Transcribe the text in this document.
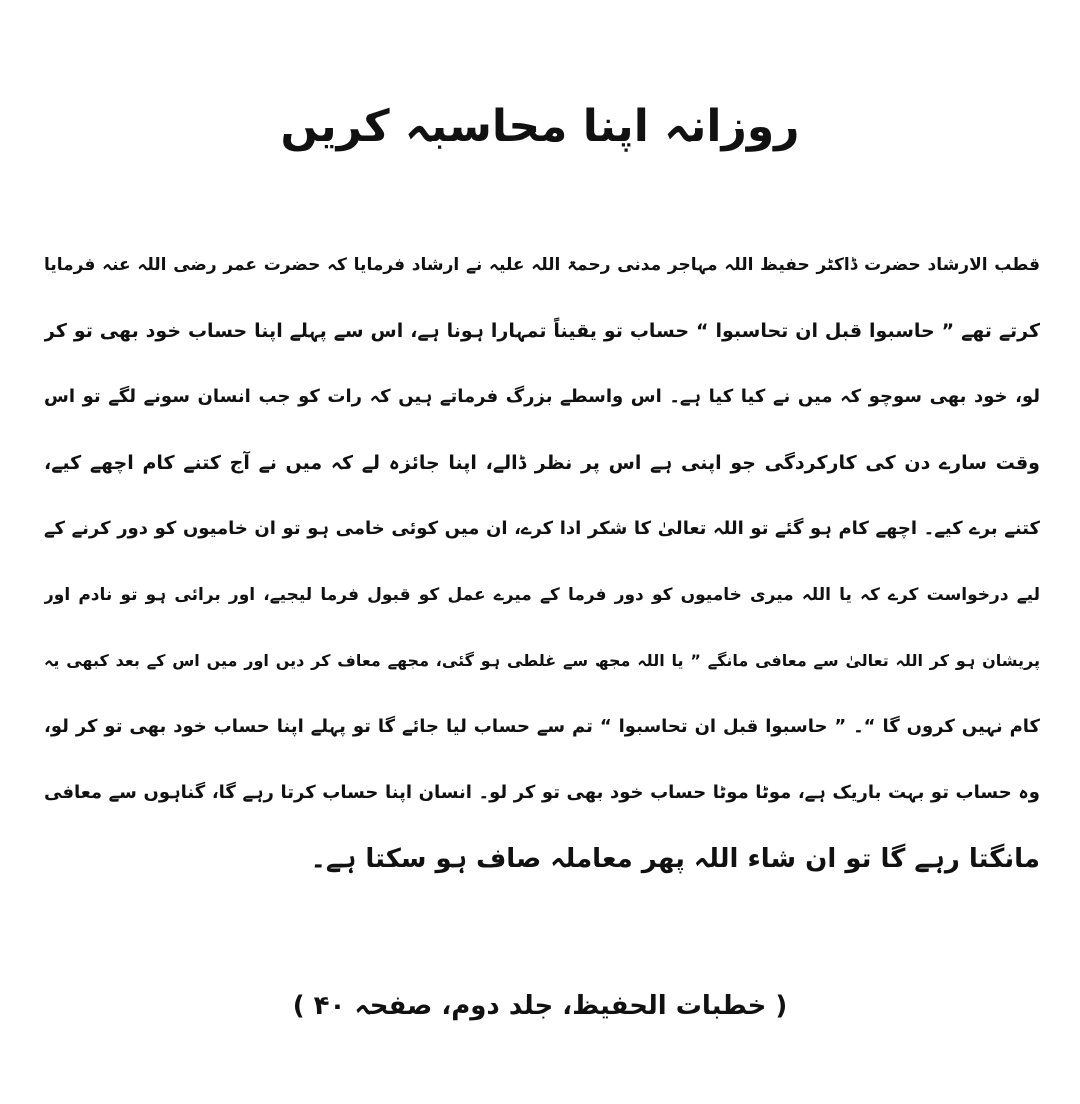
روزانہ اپنا محاسبہ کریں
قطب الارشاد حضرت ڈاکٹر حفیظ اللہ مہاجر مدنی رحمۃ اللہ علیہ نے ارشاد فرمایا کہ حضرت عمر رضی اللہ عنہ فرمایا
کرتے تھے ” حاسبوا قبل ان تحاسبوا “ حساب تو یقیناً تمہارا ہونا ہے، اس سے پہلے اپنا حساب خود بھی تو کر
لو، خود بھی سوچو کہ میں نے کیا کیا ہے۔ اس واسطے بزرگ فرماتے ہیں کہ رات کو جب انسان سونے لگے تو اس
وقت سارے دن کی کارکردگی جو اپنی ہے اس پر نظر ڈالے، اپنا جائزہ لے کہ میں نے آج کتنے کام اچھے کیے،
کتنے برے کیے۔ اچھے کام ہو گئے تو اللہ تعالیٰ کا شکر ادا کرے، ان میں کوئی خامی ہو تو ان خامیوں کو دور کرنے کے
لیے درخواست کرے کہ یا اللہ میری خامیوں کو دور فرما کے میرے عمل کو قبول فرما لیجیے، اور برائی ہو تو نادم اور
پریشان ہو کر اللہ تعالیٰ سے معافی مانگے ” یا اللہ مجھ سے غلطی ہو گئی، مجھے معاف کر دیں اور میں اس کے بعد کبھی یہ
کام نہیں کروں گا “۔ ” حاسبوا قبل ان تحاسبوا “ تم سے حساب لیا جائے گا تو پہلے اپنا حساب خود بھی تو کر لو،
وہ حساب تو بہت باریک ہے، موٹا موٹا حساب خود بھی تو کر لو۔ انسان اپنا حساب کرتا رہے گا، گناہوں سے معافی
مانگتا رہے گا تو ان شاء اللہ پھر معاملہ صاف ہو سکتا ہے۔
( خطبات الحفیظ، جلد دوم، صفحہ ۴۰ )
